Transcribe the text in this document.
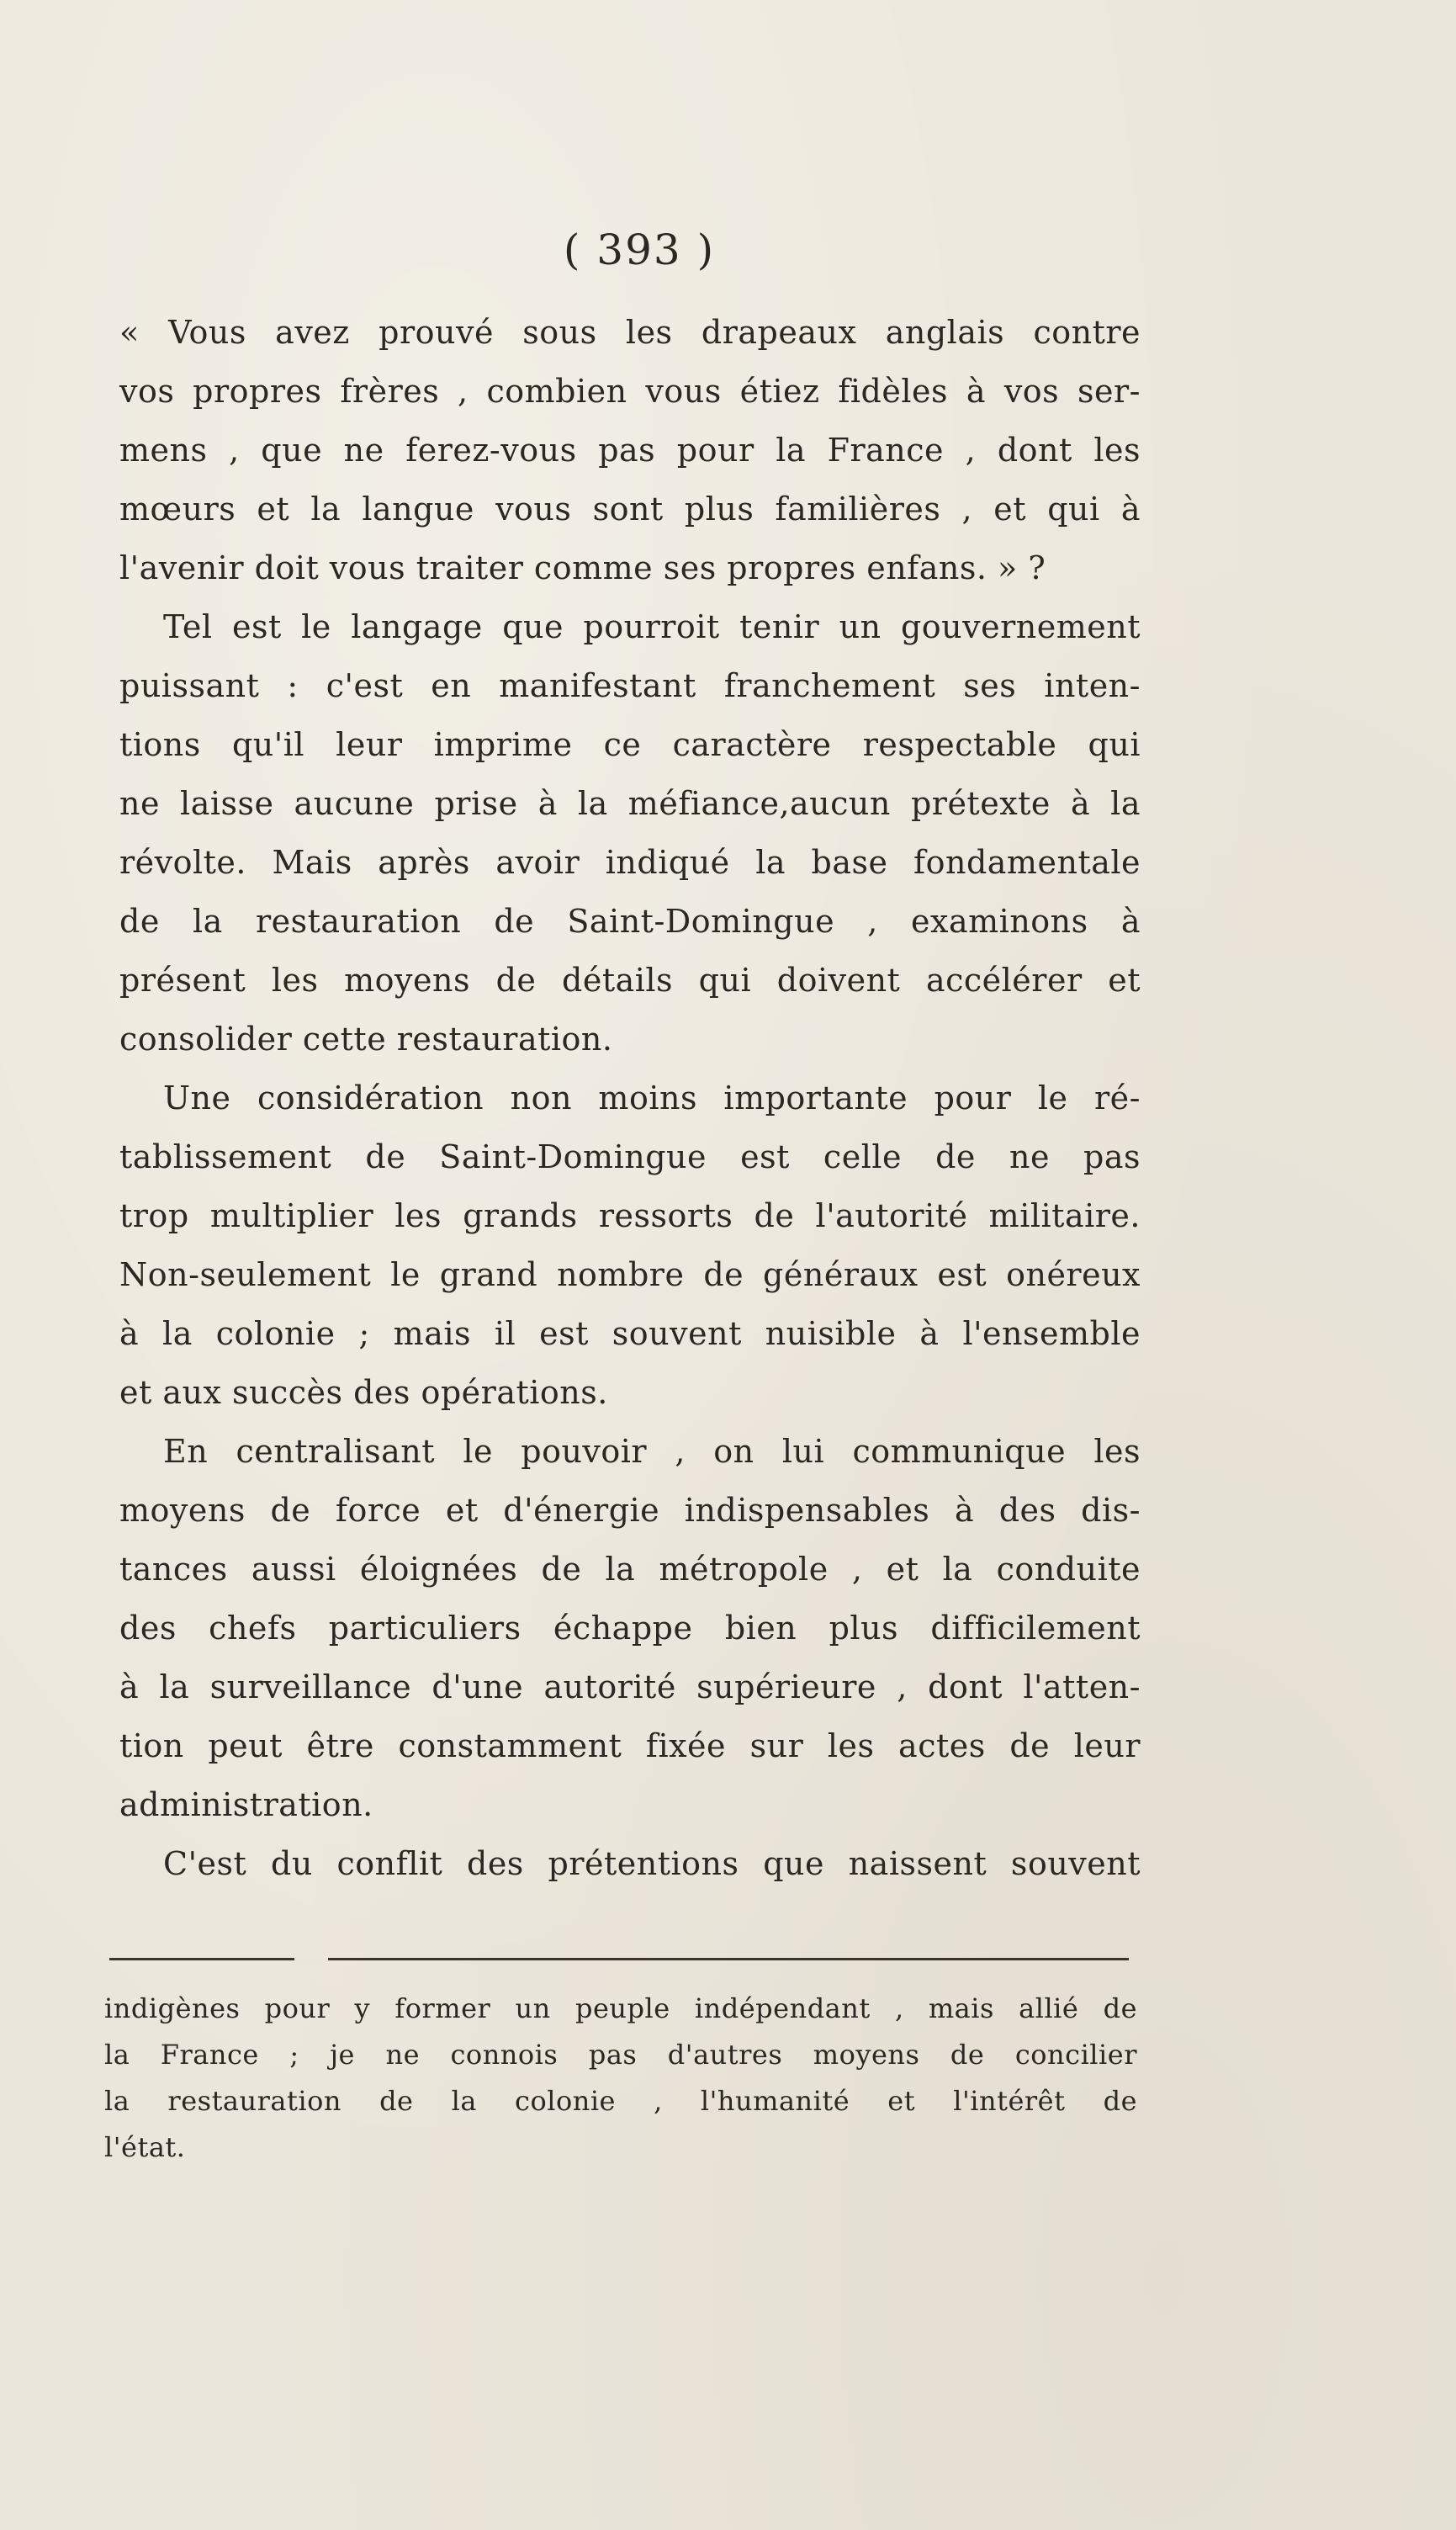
( 393 )

« Vous avez prouvé sous les drapeaux anglais contre
vos propres frères , combien vous étiez fidèles à vos ser-
mens , que ne ferez-vous pas pour la France , dont les
mœurs et la langue vous sont plus familières , et qui à
l'avenir doit vous traiter comme ses propres enfans. » ?
Tel est le langage que pourroit tenir un gouvernement
puissant : c'est en manifestant franchement ses inten-
tions qu'il leur imprime ce caractère respectable qui
ne laisse aucune prise à la méfiance,aucun prétexte à la
révolte. Mais après avoir indiqué la base fondamentale
de la restauration de Saint-Domingue , examinons à
présent les moyens de détails qui doivent accélérer et
consolider cette restauration.
Une considération non moins importante pour le ré-
tablissement de Saint-Domingue est celle de ne pas
trop multiplier les grands ressorts de l'autorité militaire.
Non-seulement le grand nombre de généraux est onéreux
à la colonie ; mais il est souvent nuisible à l'ensemble
et aux succès des opérations.
En centralisant le pouvoir , on lui communique les
moyens de force et d'énergie indispensables à des dis-
tances aussi éloignées de la métropole , et la conduite
des chefs particuliers échappe bien plus difficilement
à la surveillance d'une autorité supérieure , dont l'atten-
tion peut être constamment fixée sur les actes de leur
administration.
C'est du conflit des prétentions que naissent souvent
indigènes pour y former un peuple indépendant , mais allié de
la France ; je ne connois pas d'autres moyens de concilier
la restauration de la colonie , l'humanité et l'intérêt de
l'état.
